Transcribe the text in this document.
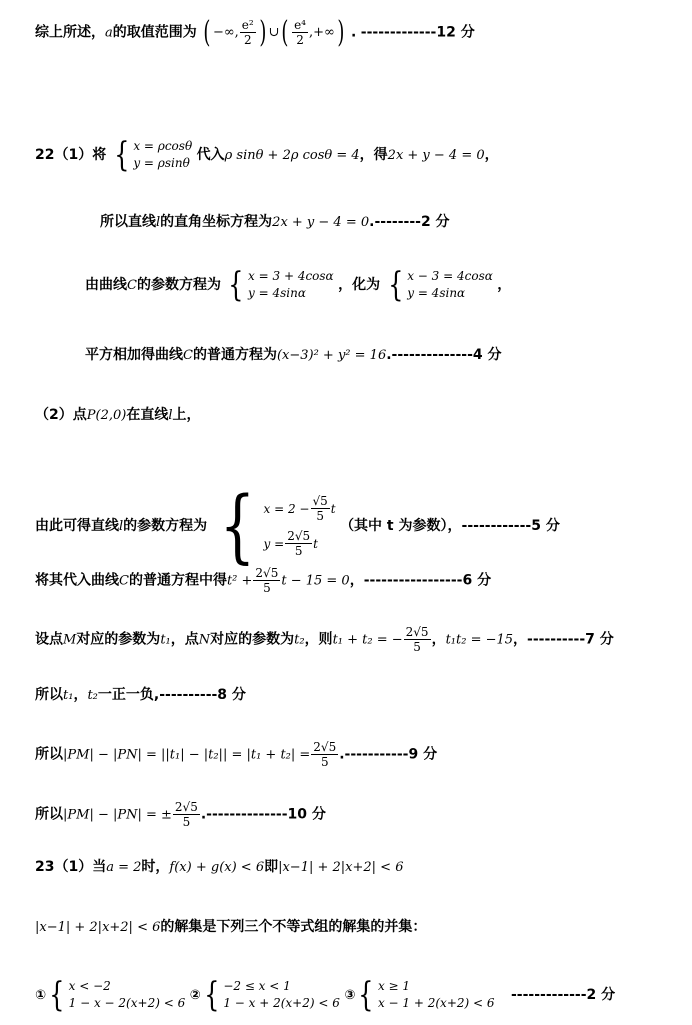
综上所述，a的取值范围为 ( −∞, $\frac{\text{e²}}{2}$ ) ∪ ( $\frac{\text{e⁴}}{2}$ ,+∞ ) . -------------12 分
22（1）将 { x = ρcosθ
y = ρsinθ 代入ρ sinθ + 2ρ cosθ = 4，得2x + y − 4 = 0，
所以直线l的直角坐标方程为2x + y − 4 = 0.--------2 分
由曲线C的参数方程为 { x = 3 + 4cosα
y = 4sinα	，化为 { x − 3 = 4cosα
y = 4sinα	，
平方相加得曲线C的普通方程为(x−3)² + y² = 16.--------------4 分
（2）点P(2,0)在直线l上，
由此可得直线l的参数方程为 { $x = 2 - \frac{√5}{5}$ t
$y = \frac{2√5}{5}$ t
（其中 t 为参数），------------5 分
将其代入曲线C的普通方程中得$t^2 + \frac{2√5}{5}$ t − 15 = 0，-----------------6 分
设点M对应的参数为t₁，点N对应的参数为t₂，则t₁ + t₂ = − $\frac{2√5}{5}$ ，t₁t₂ = −15，----------7 分
所以t₁，t₂一正一负,----------8 分
所以$|PM| - |PN| = ||t_1| - |t_2|| = |t_1 + t_2| = \frac{2√5}{5} .-----------9$ 分
所以|PM| − |PN| = ± $\frac{2√5}{5} .--------------10$ 分
23（1）当a = 2时，f(x) + g(x) < 6即|x−1| + 2|x+2| < 6
|x−1| + 2|x+2| < 6的解集是下列三个不等式组的解集的并集：
① { x < −2
1 − x − 2(x+2) < 6 ② { −2 ≤ x < 1
1 − x + 2(x+2) < 6 ③ { x ≥ 1
x − 1 + 2(x+2) < 6 -------------2 分
